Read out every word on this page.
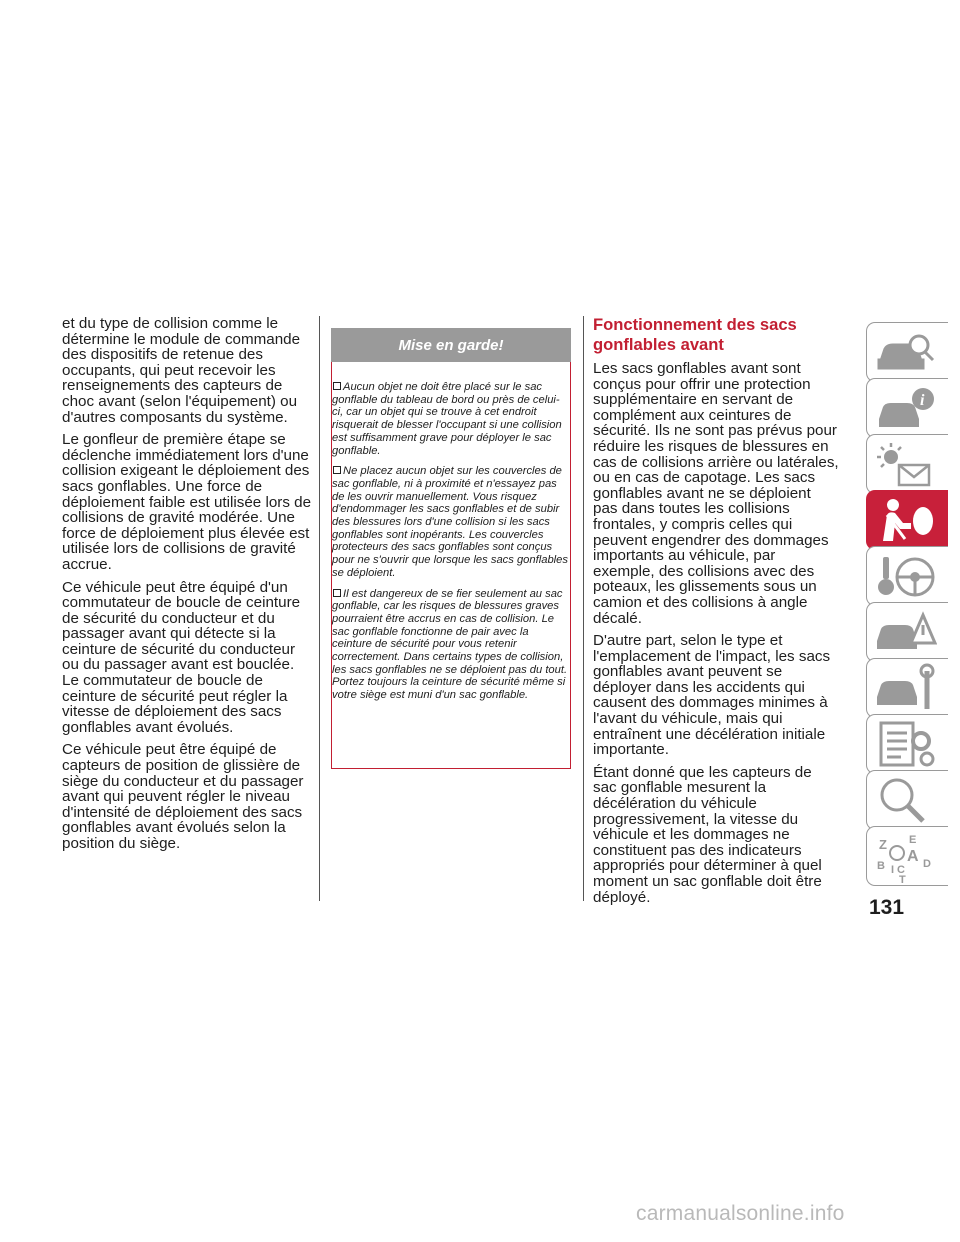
et du type de collision comme le détermine le module de commande des dispositifs de retenue des occupants, qui peut recevoir les renseignements des capteurs de choc avant (selon l'équipement) ou d'autres composants du système.

Le gonfleur de première étape se déclenche immédiatement lors d'une collision exigeant le déploiement des sacs gonflables. Une force de déploiement faible est utilisée lors de collisions de gravité modérée. Une force de déploiement plus élevée est utilisée lors de collisions de gravité accrue.

Ce véhicule peut être équipé d'un commutateur de boucle de ceinture de sécurité du conducteur et du passager avant qui détecte si la ceinture de sécurité du conducteur ou du passager avant est bouclée. Le commutateur de boucle de ceinture de sécurité peut régler la vitesse de déploiement des sacs gonflables avant évolués.

Ce véhicule peut être équipé de capteurs de position de glissière de siège du conducteur et du passager avant qui peuvent régler le niveau d'intensité de déploiement des sacs gonflables avant évolués selon la position du siège.

Mise en garde!

Aucun objet ne doit être placé sur le sac gonflable du tableau de bord ou près de celui-ci, car un objet qui se trouve à cet endroit risquerait de blesser l'occupant si une collision est suffisamment grave pour déployer le sac gonflable.

Ne placez aucun objet sur les couvercles de sac gonflable, ni à proximité et n'essayez pas de les ouvrir manuellement. Vous risquez d'endommager les sacs gonflables et de subir des blessures lors d'une collision si les sacs gonflables sont inopérants. Les couvercles protecteurs des sacs gonflables sont conçus pour ne s'ouvrir que lorsque les sacs gonflables se déploient.

Il est dangereux de se fier seulement au sac gonflable, car les risques de blessures graves pourraient être accrus en cas de collision. Le sac gonflable fonctionne de pair avec la ceinture de sécurité pour vous retenir correctement. Dans certains types de collision, les sacs gonflables ne se déploient pas du tout. Portez toujours la ceinture de sécurité même si votre siège est muni d'un sac gonflable.

Fonctionnement des sacs gonflables avant

Les sacs gonflables avant sont conçus pour offrir une protection supplémentaire en servant de complément aux ceintures de sécurité. Ils ne sont pas prévus pour réduire les risques de blessures en cas de collisions arrière ou latérales, ou en cas de capotage. Les sacs gonflables avant ne se déploient pas dans toutes les collisions frontales, y compris celles qui peuvent engendrer des dommages importants au véhicule, par exemple, des collisions avec des poteaux, les glissements sous un camion et des collisions à angle décalé.

D'autre part, selon le type et l'emplacement de l'impact, les sacs gonflables avant peuvent se déployer dans les accidents qui causent des dommages minimes à l'avant du véhicule, mais qui entraînent une décélération initiale importante.

Étant donné que les capteurs de sac gonflable mesurent la décélération du véhicule progressivement, la vitesse du véhicule et les dommages ne constituent pas des indicateurs appropriés pour déterminer à quel moment un sac gonflable doit être déployé.

i
Z E
A
B I C D
T
131
carmanualsonline.info
